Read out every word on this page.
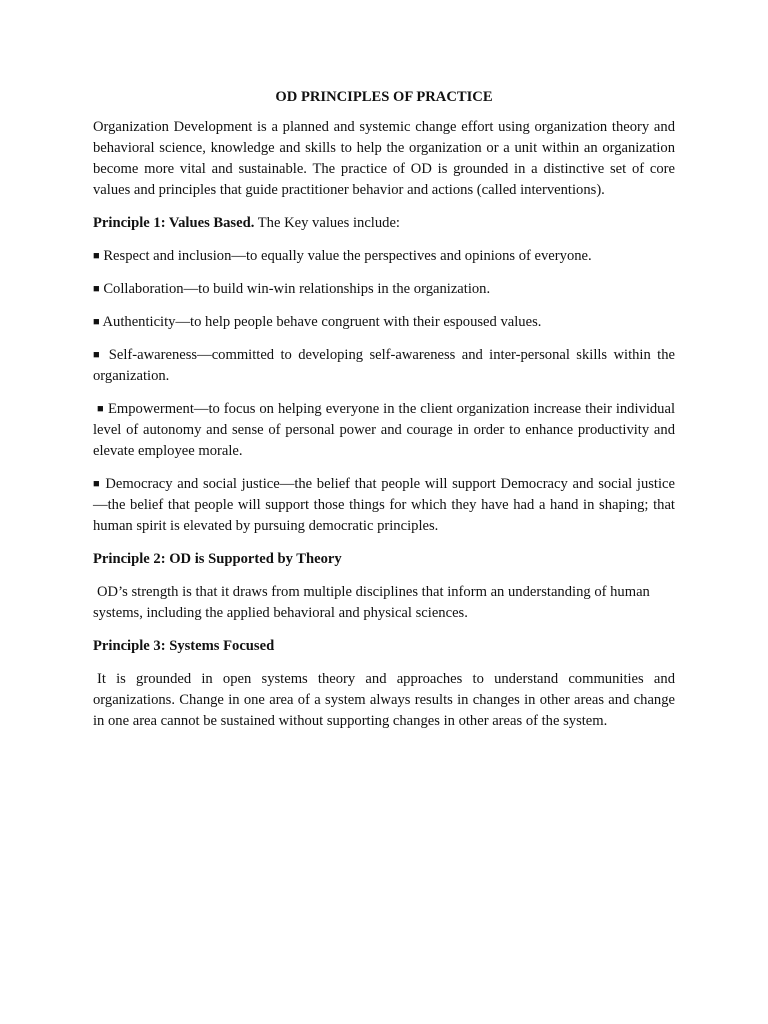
OD PRINCIPLES OF PRACTICE

Organization Development is a planned and systemic change effort using organization theory and behavioral science, knowledge and skills to help the organization or a unit within an organization become more vital and sustainable. The practice of OD is grounded in a distinctive set of core values and principles that guide practitioner behavior and actions (called interventions).

Principle 1: Values Based. The Key values include:

■ Respect and inclusion—to equally value the perspectives and opinions of everyone.

■ Collaboration—to build win-win relationships in the organization.

■ Authenticity—to help people behave congruent with their espoused values.

■ Self-awareness—committed to developing self-awareness and inter-personal skills within the organization.

■ Empowerment—to focus on helping everyone in the client organization increase their individual level of autonomy and sense of personal power and courage in order to enhance productivity and elevate employee morale.

■ Democracy and social justice—the belief that people will support Democracy and social justice—the belief that people will support those things for which they have had a hand in shaping; that human spirit is elevated by pursuing democratic principles.

Principle 2: OD is Supported by Theory

OD’s strength is that it draws from multiple disciplines that inform an understanding of human systems, including the applied behavioral and physical sciences.

Principle 3: Systems Focused

It is grounded in open systems theory and approaches to understand communities and organizations. Change in one area of a system always results in changes in other areas and change in one area cannot be sustained without supporting changes in other areas of the system.
